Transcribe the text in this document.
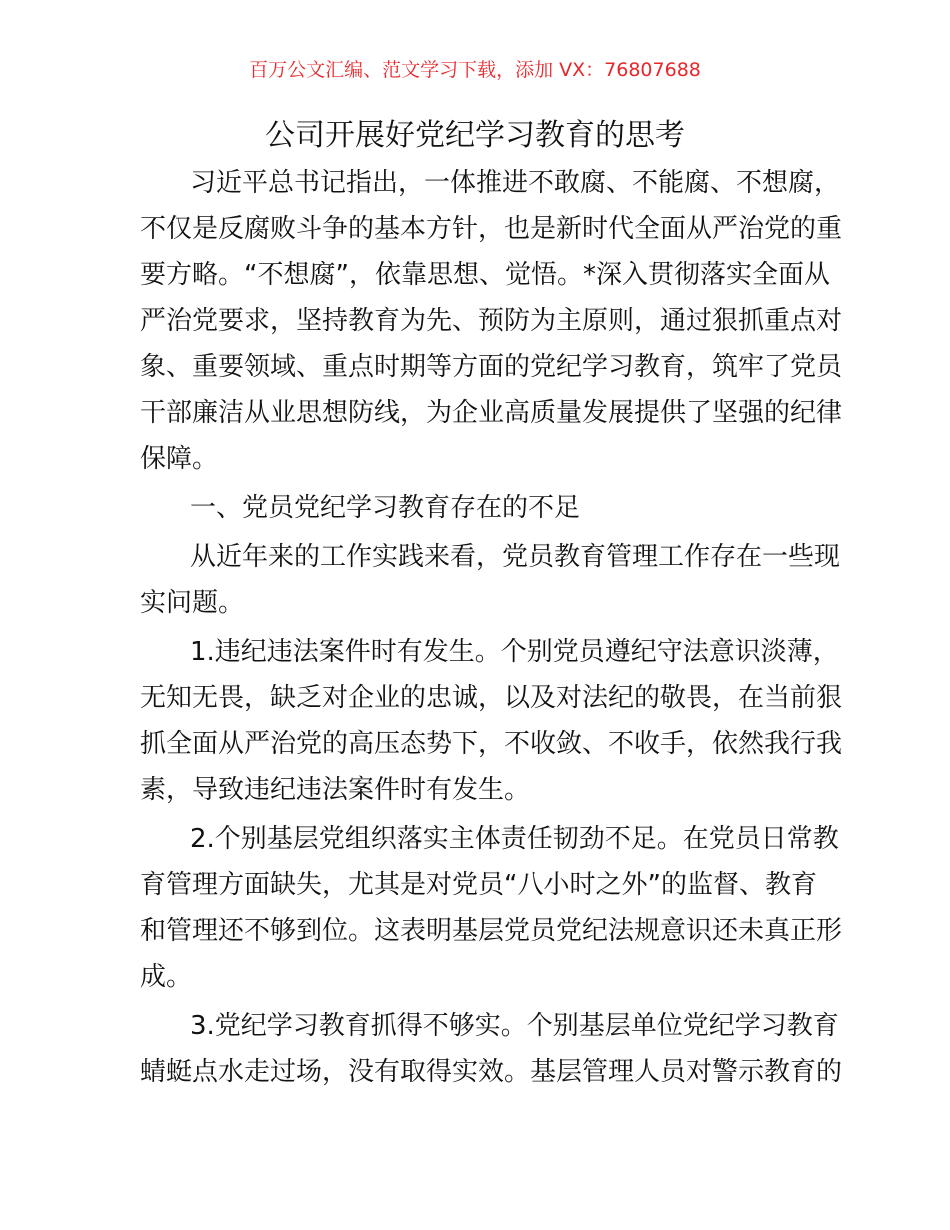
百万公文汇编、范文学习下载，添加 VX：76807688
公司开展好党纪学习教育的思考
习近平总书记指出，一体推进不敢腐、不能腐、不想腐，
不仅是反腐败斗争的基本方针，也是新时代全面从严治党的重
要方略。“不想腐”，依靠思想、觉悟。*深入贯彻落实全面从
严治党要求，坚持教育为先、预防为主原则，通过狠抓重点对
象、重要领域、重点时期等方面的党纪学习教育，筑牢了党员
干部廉洁从业思想防线，为企业高质量发展提供了坚强的纪律
保障。
一、党员党纪学习教育存在的不足
从近年来的工作实践来看，党员教育管理工作存在一些现
实问题。
1.违纪违法案件时有发生。个别党员遵纪守法意识淡薄，
无知无畏，缺乏对企业的忠诚，以及对法纪的敬畏，在当前狠
抓全面从严治党的高压态势下，不收敛、不收手，依然我行我
素，导致违纪违法案件时有发生。
2.个别基层党组织落实主体责任韧劲不足。在党员日常教
育管理方面缺失，尤其是对党员“八小时之外”的监督、教育
和管理还不够到位。这表明基层党员党纪法规意识还未真正形
成。
3.党纪学习教育抓得不够实。个别基层单位党纪学习教育
蜻蜓点水走过场，没有取得实效。基层管理人员对警示教育的
